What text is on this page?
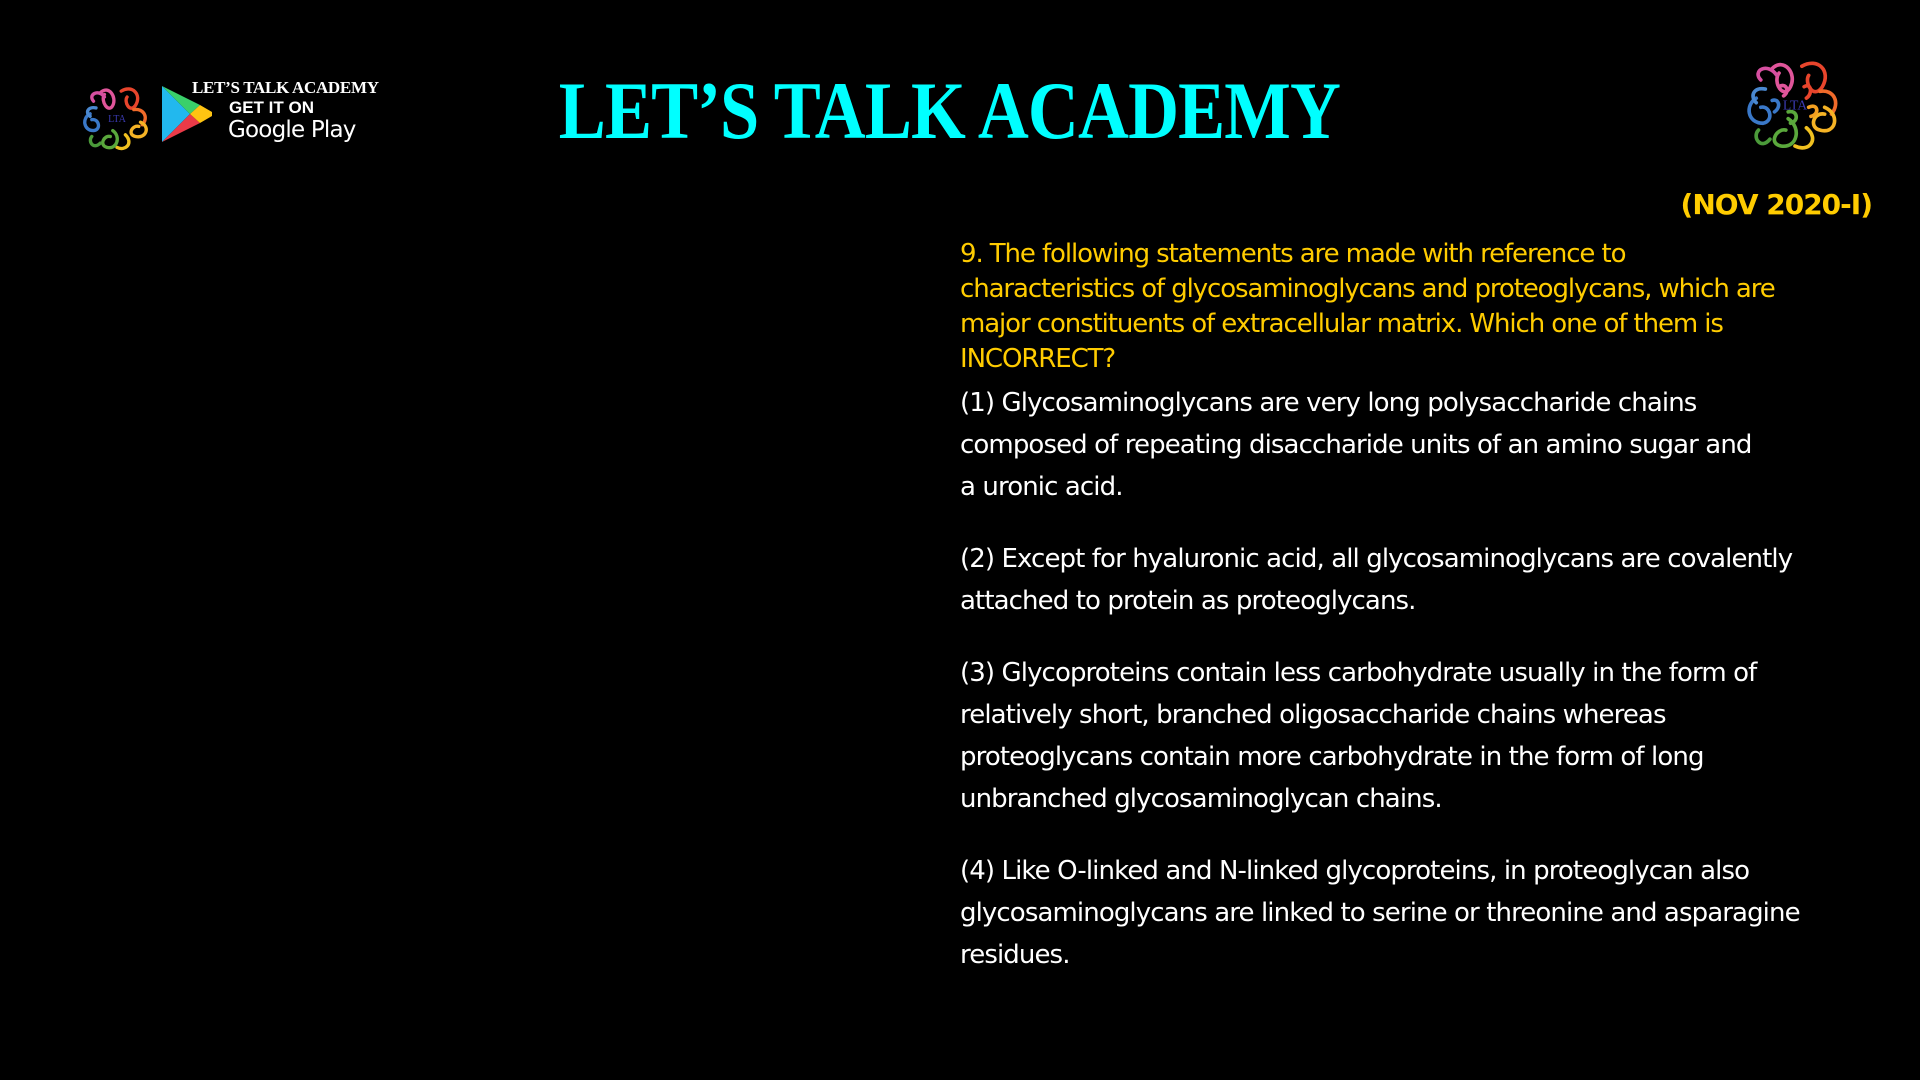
LTA
LET’S TALK ACADEMY
GET IT ON
Google Play	LET’S TALK ACADEMY	LTA
(NOV 2020-I)
9. The following statements are made with reference to
characteristics of glycosaminoglycans and proteoglycans, which are
major constituents of extracellular matrix. Which one of them is
INCORRECT?
(1) Glycosaminoglycans are very long polysaccharide chains
composed of repeating disaccharide units of an amino sugar and
a uronic acid.
(2) Except for hyaluronic acid, all glycosaminoglycans are covalently
attached to protein as proteoglycans.
(3) Glycoproteins contain less carbohydrate usually in the form of
relatively short, branched oligosaccharide chains whereas
proteoglycans contain more carbohydrate in the form of long
unbranched glycosaminoglycan chains.
(4) Like O-linked and N-linked glycoproteins, in proteoglycan also
glycosaminoglycans are linked to serine or threonine and asparagine
residues.
